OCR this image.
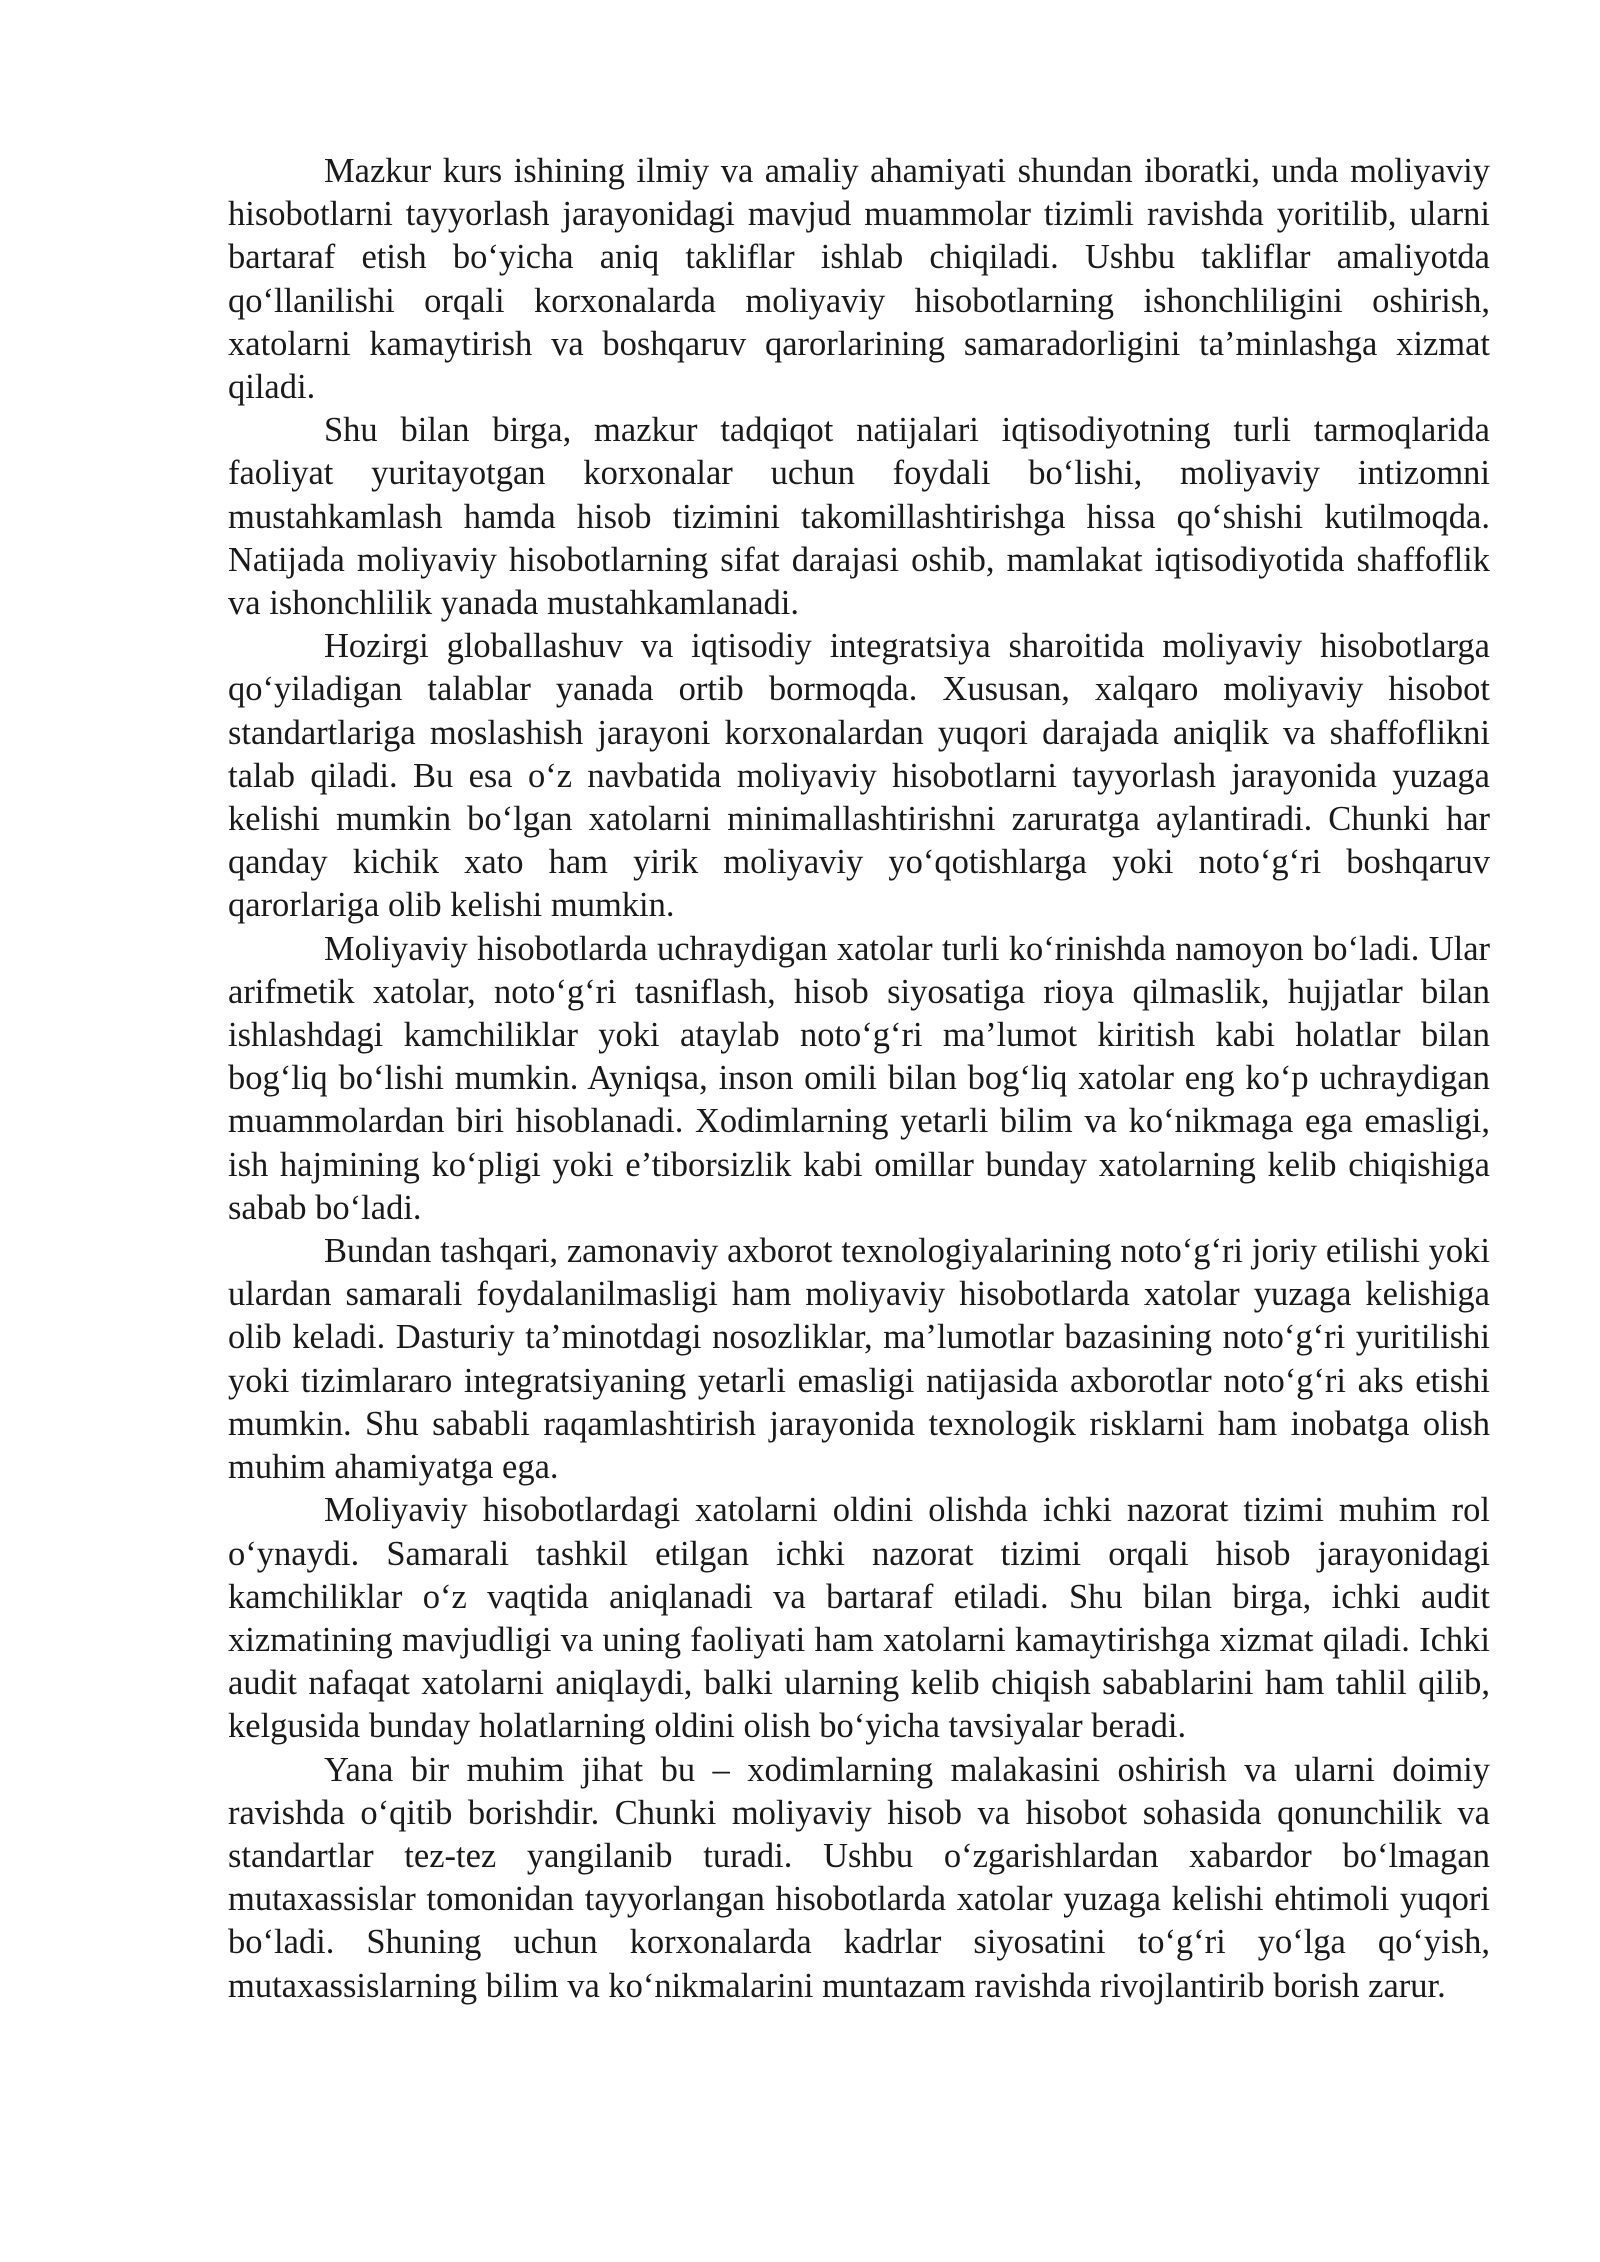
Mazkur kurs ishining ilmiy va amaliy ahamiyati shundan iboratki, unda moliyaviy hisobotlarni tayyorlash jarayonidagi mavjud muammolar tizimli ravishda yoritilib, ularni bartaraf etish bo‘yicha aniq takliflar ishlab chiqiladi. Ushbu takliflar amaliyotda qo‘llanilishi orqali korxonalarda moliyaviy hisobotlarning ishonchliligini oshirish, xatolarni kamaytirish va boshqaruv qarorlarining samaradorligini ta’minlashga xizmat qiladi.

Shu bilan birga, mazkur tadqiqot natijalari iqtisodiyotning turli tarmoqlarida faoliyat yuritayotgan korxonalar uchun foydali bo‘lishi, moliyaviy intizomni mustahkamlash hamda hisob tizimini takomillashtirishga hissa qo‘shishi kutilmoqda. Natijada moliyaviy hisobotlarning sifat darajasi oshib, mamlakat iqtisodiyotida shaffoflik va ishonchlilik yanada mustahkamlanadi.

Hozirgi globallashuv va iqtisodiy integratsiya sharoitida moliyaviy hisobotlarga qo‘yiladigan talablar yanada ortib bormoqda. Xususan, xalqaro moliyaviy hisobot standartlariga moslashish jarayoni korxonalardan yuqori darajada aniqlik va shaffoflikni talab qiladi. Bu esa o‘z navbatida moliyaviy hisobotlarni tayyorlash jarayonida yuzaga kelishi mumkin bo‘lgan xatolarni minimallashtirishni zaruratga aylantiradi. Chunki har qanday kichik xato ham yirik moliyaviy yo‘qotishlarga yoki noto‘g‘ri boshqaruv qarorlariga olib kelishi mumkin.

Moliyaviy hisobotlarda uchraydigan xatolar turli ko‘rinishda namoyon bo‘ladi. Ular arifmetik xatolar, noto‘g‘ri tasniflash, hisob siyosatiga rioya qilmaslik, hujjatlar bilan ishlashdagi kamchiliklar yoki ataylab noto‘g‘ri ma’lumot kiritish kabi holatlar bilan bog‘liq bo‘lishi mumkin. Ayniqsa, inson omili bilan bog‘liq xatolar eng ko‘p uchraydigan muammolardan biri hisoblanadi. Xodimlarning yetarli bilim va ko‘nikmaga ega emasligi, ish hajmining ko‘pligi yoki e’tiborsizlik kabi omillar bunday xatolarning kelib chiqishiga sabab bo‘ladi.

Bundan tashqari, zamonaviy axborot texnologiyalarining noto‘g‘ri joriy etilishi yoki ulardan samarali foydalanilmasligi ham moliyaviy hisobotlarda xatolar yuzaga kelishiga olib keladi. Dasturiy ta’minotdagi nosozliklar, ma’lumotlar bazasining noto‘g‘ri yuritilishi yoki tizimlararo integratsiyaning yetarli emasligi natijasida axborotlar noto‘g‘ri aks etishi mumkin. Shu sababli raqamlashtirish jarayonida texnologik risklarni ham inobatga olish muhim ahamiyatga ega.

Moliyaviy hisobotlardagi xatolarni oldini olishda ichki nazorat tizimi muhim rol o‘ynaydi. Samarali tashkil etilgan ichki nazorat tizimi orqali hisob jarayonidagi kamchiliklar o‘z vaqtida aniqlanadi va bartaraf etiladi. Shu bilan birga, ichki audit xizmatining mavjudligi va uning faoliyati ham xatolarni kamaytirishga xizmat qiladi. Ichki audit nafaqat xatolarni aniqlaydi, balki ularning kelib chiqish sabablarini ham tahlil qilib, kelgusida bunday holatlarning oldini olish bo‘yicha tavsiyalar beradi.

Yana bir muhim jihat bu – xodimlarning malakasini oshirish va ularni doimiy ravishda o‘qitib borishdir. Chunki moliyaviy hisob va hisobot sohasida qonunchilik va standartlar tez-tez yangilanib turadi. Ushbu o‘zgarishlardan xabardor bo‘lmagan mutaxassislar tomonidan tayyorlangan hisobotlarda xatolar yuzaga kelishi ehtimoli yuqori bo‘ladi. Shuning uchun korxonalarda kadrlar siyosatini to‘g‘ri yo‘lga qo‘yish, mutaxassislarning bilim va ko‘nikmalarini muntazam ravishda rivojlantirib borish zarur.
